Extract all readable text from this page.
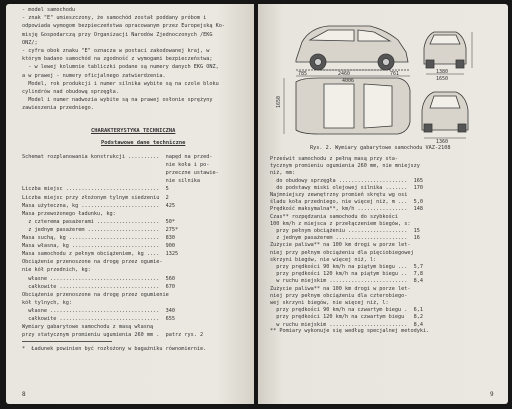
- model samochodu
- znak "E" umieszczony, że samochód został poddany próbom i
odpowiada wymogom bezpieczeństwa opracowanym przez Europejską Ko-
misję Gospodarczą przy Organizacji Narodów Zjednoczonych /EKG
ONZ/;
- cyfra obok znaku "E" oznacza w postaci zakodowanej kraj, w
którym badano samochód na zgodność z wymogami bezpieczeństwa;
- w lewej kolumnie tabliczki podane są numery danych EKG ONZ,
a w prawej - numery oficjalnego zatwierdzenia.
Model, rok produkcji i numer silnika wybite są na czole bloku
cylindrów nad obudową sprzęgła.
Model i numer nadwozia wybite są na prawej osłonie sprężyny
zawieszenia przedniego.
CHARAKTERYSTYKA TECHNICZNA
Podstawowe dane techniczne
Schemat rozplanowania konstrukcji ..........  napęd na przed-
nie koła i po-
przeczne ustawie-
nie silnika
Liczba miejsc ..............................  5
Liczba miejsc przy złożonym tylnym siedzeniu  2
Masa użyteczna, kg .........................  425
Masa przewożonego ładunku, kg:
z czterema pasażerami ....................  50*
z jednym pasażerem .......................  275*
Masa suchą, kg .............................  830
Masa własna, kg ............................  900
Masa samochodu z pełnym obciążeniem, kg ....  1325
Obciążenie przenoszone na drogę przez ogumie-
nie kół przednich, kg:
własne ...................................  560
całkowite ................................  670
Obciążenie przenoszone na drogę przez ogumienie
kół tylnych, kg:
własne ...................................  340
całkowite ................................  655
Wymiary gabarytowe samochodu z masą własną
przy statycznym promieniu ugumienia 260 mm .  patrz rys. 2
*  Ładunek powinien być rozłożony w bagażniku równomiernie.
8
2460
4006
785	761	1380
1650
1650
1360
Rys. 2. Wymiary gabarytowe samochodu VAZ-2108
Prześwit samochodu z pełną masą przy sta-
tycznym promieniu ogumienia 260 mm, nie mniejszy
niż, mm:
do obudowy sprzęgła ......................  165
do podstawy miski olejowej silnika .......  170
Najmniejszy zewnętrzny promień skrętu wg osi
śladu koła przedniego, nie więcej niż, m ...  5,0
Prędkość maksymalna**, km/h ................  148
Czas** rozpędzania samochodu do szybkości
100 km/h z miejsca z przełączeniem biegów, s:
przy pełnym obciążeniu ...................  15
z jednym pasażerem .......................  16
Zużycie paliwa** na 100 km drogi w porze let-
niej przy pełnym obciążeniu dla pięciobiegowej
skrzyni biegów, nie więcej niż, l:
przy prędkości 90 km/h na piątym biegu ...  5,7
przy prędkości 120 km/h na piątym biegu ..  7,8
w ruchu miejskim .........................  8,4
Zużycie paliwa** na 100 km drogi w porze let-
niej przy pełnym obciążeniu dla czterobiego-
wej skrzyni biegów, nie więcej niż, l:
przy prędkości 90 km/h na czwartym biegu .  6,1
przy prędkości 120 km/h na czwartym biegu   8,2
w ruchu miejskim .........................  8,4
** Pomiary wykonuje się według specjalnej metodyki.
9
